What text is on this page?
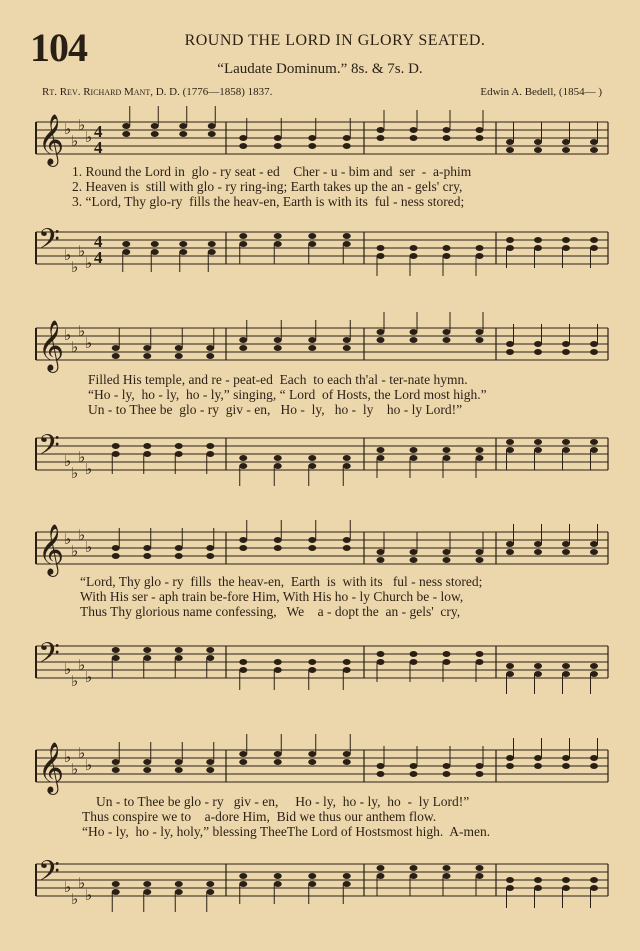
104	ROUND THE LORD IN GLORY SEATED.
“Laudate Dominum.” 8s. & 7s. D.
Rt. Rev. Richard Mant, D. D. (1776—1858) 1837.	Edwin A. Bedell, (1854— )
𝄞 ♭
♭
♭
♭ 4
4
1. Round the Lord in  glo - ry seat - ed    Cher - u - bim and  ser  -  a-phim
2. Heaven is  still with glo - ry ring-ing; Earth takes up the an - gels' cry,
3. “Lord, Thy glo-ry  fills the heav-en, Earth is with its  ful - ness stored;
𝄢 ♭
♭
♭
♭
4
4
𝄞 ♭
♭
♭
♭
Filled His temple, and re - peat-ed  Each  to each th'al - ter-nate hymn.
“Ho - ly,  ho - ly,  ho - ly,” singing, “ Lord  of Hosts, the Lord most high.”
Un - to Thee be  glo - ry  giv - en,   Ho -  ly,   ho -  ly    ho - ly Lord!”
𝄢 ♭
♭
♭
♭
𝄞 ♭
♭
♭
♭
“Lord, Thy glo - ry  fills  the heav-en,  Earth  is  with its   ful - ness stored;
With His ser - aph train be-fore Him, With His ho - ly Church be - low,
Thus Thy glorious name confessing,   We    a - dopt the  an - gels'  cry,
𝄢 ♭
♭
♭
♭
𝄞 ♭
♭
♭
♭
Un - to Thee be glo - ry   giv - en,     Ho - ly,  ho - ly,  ho  -  ly Lord!”
Thus conspire we to    a-dore Him,  Bid we thus our anthem flow.
“Ho - ly,  ho - ly, holy,” blessing TheeThe Lord of Hostsmost high.  A-men.
𝄢 ♭
♭
♭
♭
